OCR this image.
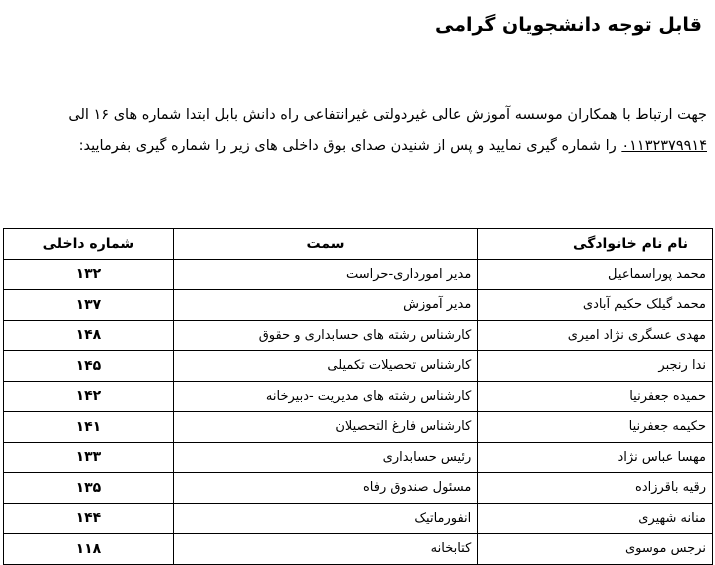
قابل توجه دانشجویان گرامی
جهت ارتباط با همکاران موسسه آموزش عالی غیردولتی غیرانتفاعی راه دانش بابل ابتدا شماره های ۱۶ الی ۰۱۱۳۲۳۷۹۹۱۴ را شماره گیری نمایید و پس از شنیدن صدای بوق داخلی های زیر را شماره گیری بفرمایید:
نام نام خانوادگی	سمت	شماره داخلی
محمد پوراسماعیل	مدیر امورداری-حراست	۱۳۲
محمد گیلک حکیم آبادی	مدیر آموزش	۱۳۷
مهدی عسگری نژاد امیری	کارشناس رشته های حسابداری و حقوق	۱۴۸
ندا رنجبر	کارشناس تحصیلات تکمیلی	۱۴۵
حمیده جعفرنیا	کارشناس رشته های مدیریت -دبیرخانه	۱۴۲
حکیمه جعفرنیا	کارشناس فارغ التحصیلان	۱۴۱
مهسا عباس نژاد	رئیس حسابداری	۱۳۳
رقیه باقرزاده	مسئول صندوق رفاه	۱۳۵
منانه شهیری	انفورماتیک	۱۴۴
نرجس موسوی	کتابخانه	۱۱۸
